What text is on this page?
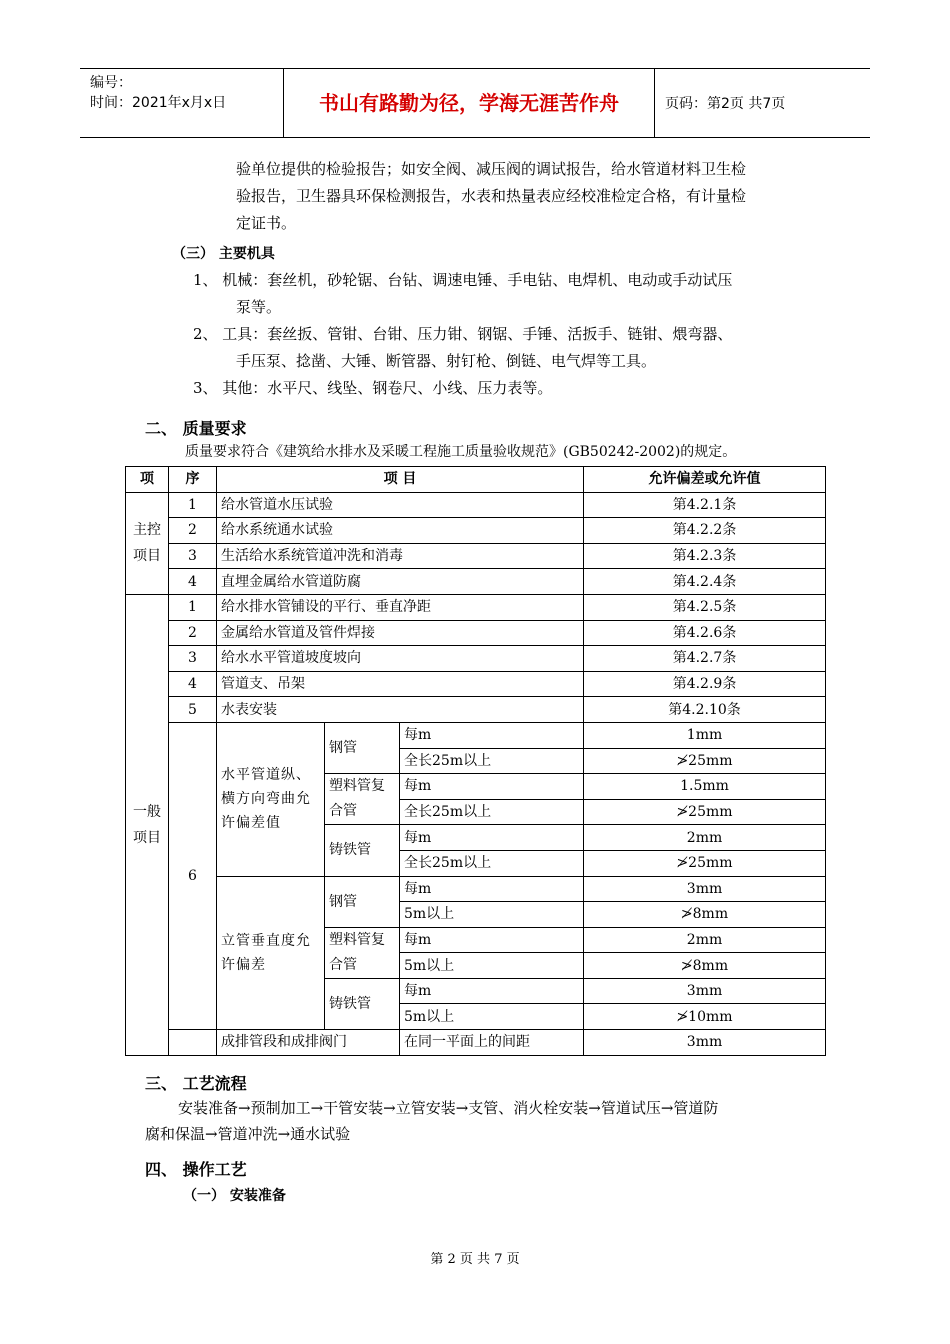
编号：
时间：2021年x月x日	书山有路勤为径，学海无涯苦作舟	页码：第2页 共7页
验单位提供的检验报告；如安全阀、减压阀的调试报告，给水管道材料卫生检
验报告，卫生器具环保检测报告，水表和热量表应经校准检定合格，有计量检
定证书。
（三） 主要机具
1、 机械：套丝机，砂轮锯、台钻、调速电锤、手电钻、电焊机、电动或手动试压
泵等。
2、 工具：套丝扳、管钳、台钳、压力钳、钢锯、手锤、活扳手、链钳、煨弯器、
手压泵、捻凿、大锤、断管器、射钉枪、倒链、电气焊等工具。
3、 其他：水平尺、线坠、钢卷尺、小线、压力表等。
二、 质量要求
质量要求符合《建筑给水排水及采暖工程施工质量验收规范》(GB50242-2002)的规定。
项	序	项 目			允许偏差或允许值
主控项目	1	给水管道水压试验			第4.2.1条
	2	给水系统通水试验			第4.2.2条
	3	生活给水系统管道冲洗和消毒			第4.2.3条
	4	直埋金属给水管道防腐			第4.2.4条
一般项目	1	给水排水管铺设的平行、垂直净距			第4.2.5条
	2	金属给水管道及管件焊接			第4.2.6条
	3	给水水平管道坡度坡向			第4.2.7条
	4	管道支、吊架			第4.2.9条
	5	水表安装			第4.2.10条
	6	水平管道纵、横方向弯曲允许偏差值	钢管	每m	1mm
				全长25m以上	≯25mm
			塑料管复合管	每m	1.5mm
				全长25m以上	≯25mm
			铸铁管	每m	2mm
				全长25m以上	≯25mm
		立管垂直度允许偏差	钢管	每m	3mm
				5m以上	≯8mm
			塑料管复合管	每m	2mm
				5m以上	≯8mm
			铸铁管	每m	3mm
				5m以上	≯10mm
		成排管段和成排阀门		在同一平面上的间距	3mm
三、 工艺流程
安装准备→预制加工→干管安装→立管安装→支管、消火栓安装→管道试压→管道防
腐和保温→管道冲洗→通水试验
四、 操作工艺
（一） 安装准备
第 2 页 共 7 页
